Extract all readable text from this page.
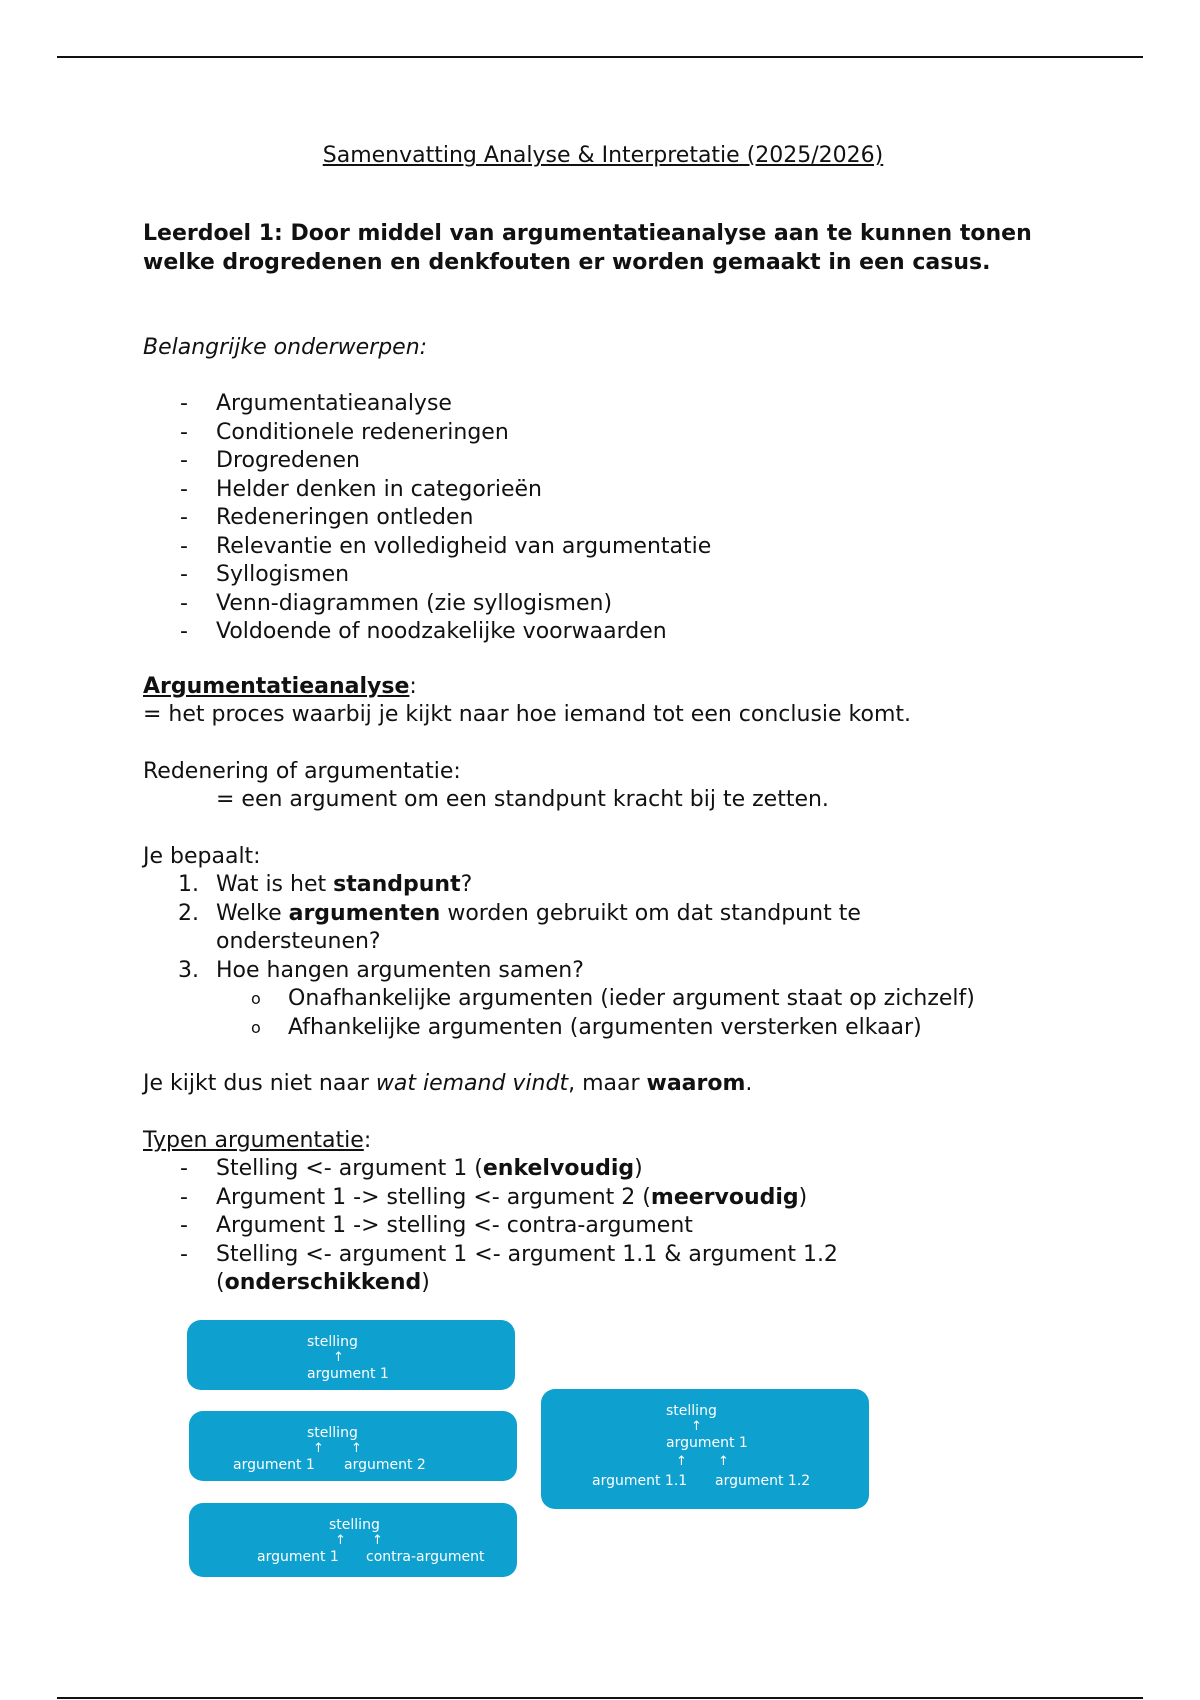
Samenvatting Analyse & Interpretatie (2025/2026)
Leerdoel 1: Door middel van argumentatieanalyse aan te kunnen tonen welke drogredenen en denkfouten er worden gemaakt in een casus.
Belangrijke onderwerpen:
- Argumentatieanalyse
- Conditionele redeneringen
- Drogredenen
- Helder denken in categorieën
- Redeneringen ontleden
- Relevantie en volledigheid van argumentatie
- Syllogismen
- Venn-diagrammen (zie syllogismen)
- Voldoende of noodzakelijke voorwaarden
Argumentatieanalyse:
= het proces waarbij je kijkt naar hoe iemand tot een conclusie komt.
Redenering of argumentatie:
= een argument om een standpunt kracht bij te zetten.
Je bepaalt:
1. Wat is het standpunt?
2. Welke argumenten worden gebruikt om dat standpunt te ondersteunen?
3. Hoe hangen argumenten samen?
o Onafhankelijke argumenten (ieder argument staat op zichzelf)
o Afhankelijke argumenten (argumenten versterken elkaar)
Je kijkt dus niet naar wat iemand vindt, maar waarom.
Typen argumentatie:
- Stelling <- argument 1 (enkelvoudig)
- Argument 1 -> stelling <- argument 2 (meervoudig)
- Argument 1 -> stelling <- contra-argument
- Stelling <- argument 1 <- argument 1.1 & argument 1.2 (onderschikkend)
stelling
↑
argument 1
stelling
↑ ↑
argument 1 argument 2
stelling
↑ ↑
argument 1 contra-argument
stelling
↑
argument 1
↑ ↑
argument 1.1 argument 1.2
